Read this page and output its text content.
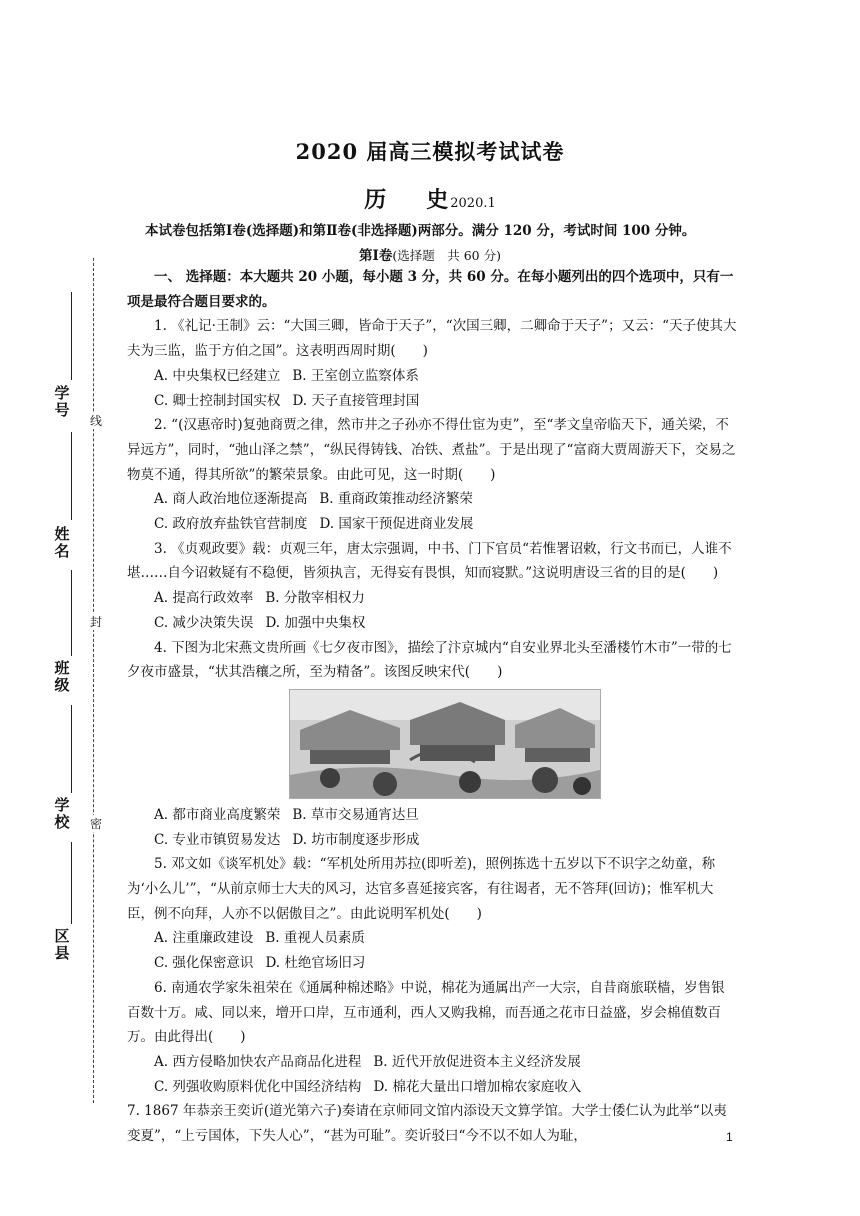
学号
姓名
班级
学校
区县
线
封
密
2020 届高三模拟考试试卷
历 史 2020.1
本试卷包括第Ⅰ卷(选择题)和第Ⅱ卷(非选择题)两部分。满分 120 分，考试时间 100 分钟。
第Ⅰ卷(选择题　共 60 分)

一、 选择题：本大题共 20 小题，每小题 3 分，共 60 分。在每小题列出的四个选项中，只有一项是最符合题目要求的。

1. 《礼记·王制》云：“大国三卿，皆命于天子”，“次国三卿，二卿命于天子”；又云：“天子使其大夫为三监，监于方伯之国”。这表明西周时期(　　)

A. 中央集权已经建立 B. 王室创立监察体系
C. 卿士控制封国实权 D. 天子直接管理封国

2. “(汉惠帝时)复弛商贾之律，然市井之子孙亦不得仕宦为吏”，至“孝文皇帝临天下，通关梁，不异远方”，同时，“弛山泽之禁”，“纵民得铸钱、冶铁、煮盐”。于是出现了“富商大贾周游天下，交易之物莫不通，得其所欲”的繁荣景象。由此可见，这一时期(　　)

A. 商人政治地位逐渐提高 B. 重商政策推动经济繁荣
C. 政府放弃盐铁官营制度 D. 国家干预促进商业发展

3. 《贞观政要》载：贞观三年，唐太宗强调，中书、门下官员“若惟署诏敕，行文书而已，人谁不堪……自今诏敕疑有不稳便，皆须执言，无得妄有畏惧，知而寝默。”这说明唐设三省的目的是(　　)

A. 提高行政效率 B. 分散宰相权力
C. 减少决策失误 D. 加强中央集权

4. 下图为北宋燕文贵所画《七夕夜市图》，描绘了汴京城内“自安业界北头至潘楼竹木市”一带的七夕夜市盛景，“状其浩穰之所，至为精备”。该图反映宋代(　　)

A. 都市商业高度繁荣 B. 草市交易通宵达旦
C. 专业市镇贸易发达 D. 坊市制度逐步形成

5. 邓文如《谈军机处》载：“军机处所用苏拉(即听差)，照例拣选十五岁以下不识字之幼童，称为‘小么儿’”，“从前京师士大夫的风习，达官多喜延接宾客，有往谒者，无不答拜(回访)；惟军机大臣，例不向拜，人亦不以倨傲目之”。由此说明军机处(　　)

A. 注重廉政建设 B. 重视人员素质
C. 强化保密意识 D. 杜绝官场旧习

6. 南通农学家朱祖荣在《通属种棉述略》中说，棉花为通属出产一大宗，自昔商旅联樯，岁售银百数十万。咸、同以来，增开口岸，互市通利，西人又购我棉，而吾通之花市日益盛，岁会棉值数百万。由此得出(　　)

A. 西方侵略加快农产品商品化进程 B. 近代开放促进资本主义经济发展
C. 列强收购原料优化中国经济结构 D. 棉花大量出口增加棉农家庭收入

7. 1867 年恭亲王奕䜣(道光第六子)奏请在京师同文馆内添设天文算学馆。大学士倭仁认为此举“以夷变夏”，“上亏国体，下失人心”，“甚为可耻”。奕䜣驳曰“今不以不如人为耻，	1
